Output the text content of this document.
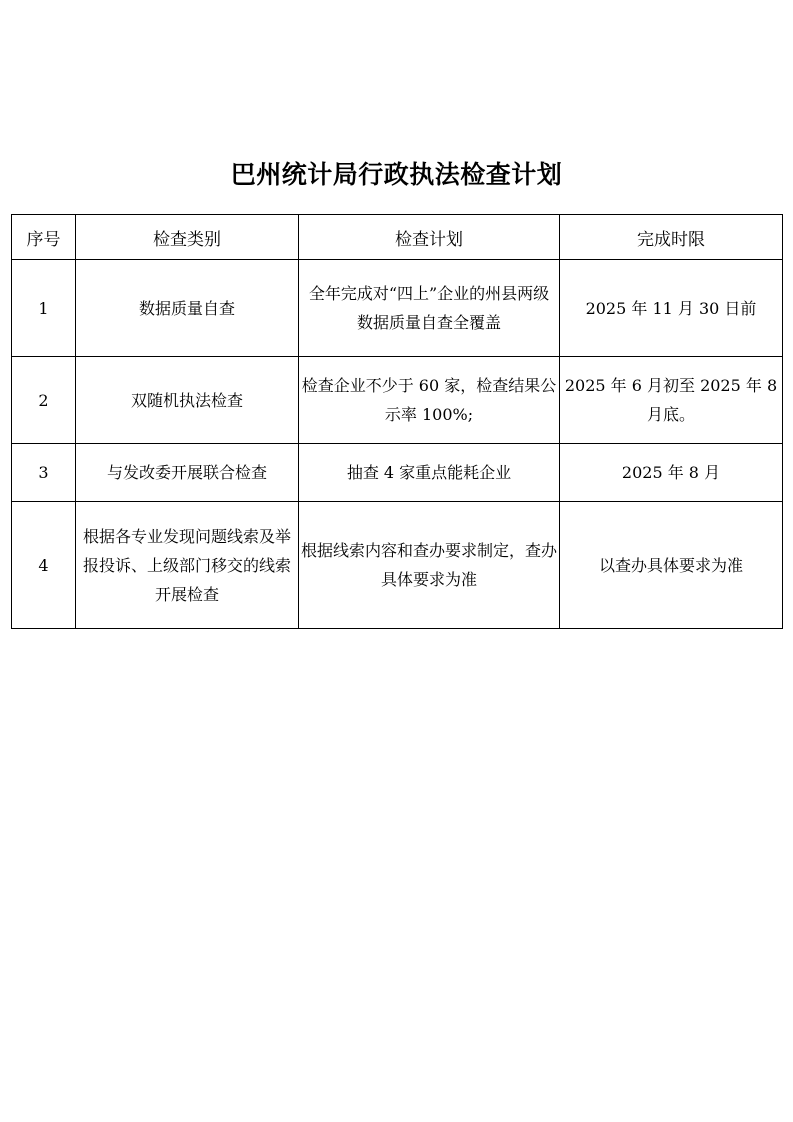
巴州统计局行政执法检查计划
序号	检查类别	检查计划	完成时限
1	数据质量自查	全年完成对“四上”企业的州县两级数据质量自查全覆盖	2025 年 11 月 30 日前
2	双随机执法检查	检查企业不少于 60 家，检查结果公示率 100%;	2025 年 6 月初至 2025 年 8 月底。
3	与发改委开展联合检查	抽查 4 家重点能耗企业	2025 年 8 月
4	根据各专业发现问题线索及举报投诉、上级部门移交的线索开展检查	根据线索内容和查办要求制定，查办具体要求为准	以查办具体要求为准
